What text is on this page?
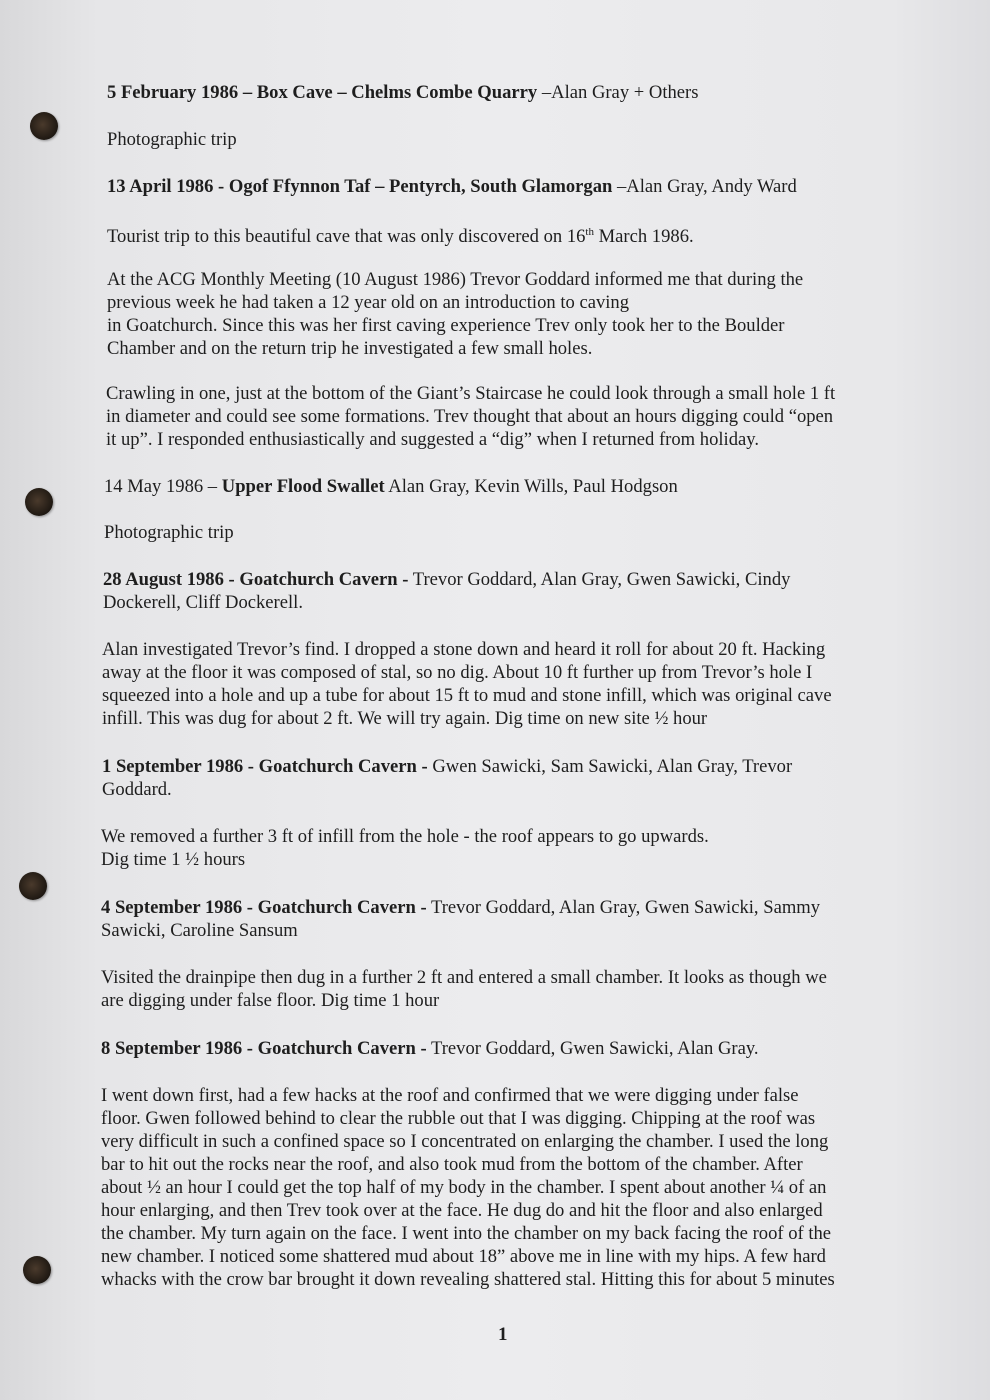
5 February 1986 – Box Cave – Chelms Combe Quarry –Alan Gray + Others

Photographic trip

13 April 1986 - Ogof Ffynnon Taf – Pentyrch, South Glamorgan –Alan Gray, Andy Ward

Tourist trip to this beautiful cave that was only discovered on 16th March 1986.

At the ACG Monthly Meeting (10 August 1986) Trevor Goddard informed me that during the
previous week he had taken a 12 year old on an introduction to caving
in Goatchurch. Since this was her first caving experience Trev only took her to the Boulder
Chamber and on the return trip he investigated a few small holes.
Crawling in one, just at the bottom of the Giant’s Staircase he could look through a small hole 1 ft
in diameter and could see some formations. Trev thought that about an hours digging could “open
it up”. I responded enthusiastically and suggested a “dig” when I returned from holiday.

14 May 1986 – Upper Flood Swallet Alan Gray, Kevin Wills, Paul Hodgson

Photographic trip

28 August 1986 - Goatchurch Cavern - Trevor Goddard, Alan Gray, Gwen Sawicki, Cindy
Dockerell, Cliff Dockerell.
Alan investigated Trevor’s find. I dropped a stone down and heard it roll for about 20 ft. Hacking
away at the floor it was composed of stal, so no dig. About 10 ft further up from Trevor’s hole I
squeezed into a hole and up a tube for about 15 ft to mud and stone infill, which was original cave
infill. This was dug for about 2 ft. We will try again. Dig time on new site ½ hour
1 September 1986 - Goatchurch Cavern - Gwen Sawicki, Sam Sawicki, Alan Gray, Trevor
Goddard.
We removed a further 3 ft of infill from the hole - the roof appears to go upwards.
Dig time 1 ½ hours
4 September 1986 - Goatchurch Cavern - Trevor Goddard, Alan Gray, Gwen Sawicki, Sammy
Sawicki, Caroline Sansum
Visited the drainpipe then dug in a further 2 ft and entered a small chamber. It looks as though we
are digging under false floor. Dig time 1 hour

8 September 1986 - Goatchurch Cavern - Trevor Goddard, Gwen Sawicki, Alan Gray.

I went down first, had a few hacks at the roof and confirmed that we were digging under false
floor. Gwen followed behind to clear the rubble out that I was digging. Chipping at the roof was
very difficult in such a confined space so I concentrated on enlarging the chamber. I used the long
bar to hit out the rocks near the roof, and also took mud from the bottom of the chamber. After
about ½ an hour I could get the top half of my body in the chamber. I spent about another ¼ of an
hour enlarging, and then Trev took over at the face. He dug do and hit the floor and also enlarged
the chamber. My turn again on the face. I went into the chamber on my back facing the roof of the
new chamber. I noticed some shattered mud about 18” above me in line with my hips. A few hard
whacks with the crow bar brought it down revealing shattered stal. Hitting this for about 5 minutes
1
